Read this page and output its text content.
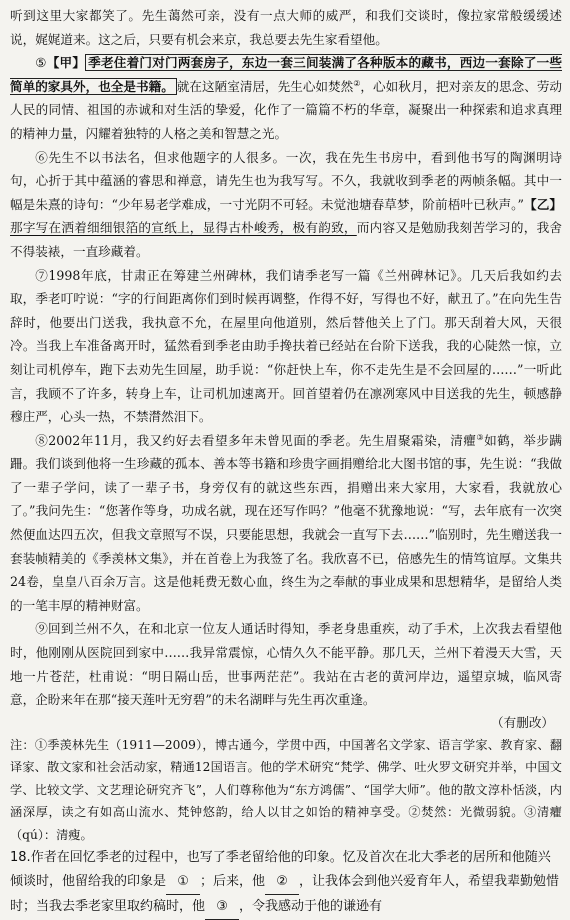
听到这里大家都笑了。先生蔼然可亲，没有一点大师的威严，和我们交谈时，像拉家常般缓缓述说，娓娓道来。这之后，只要有机会来京，我总要去先生家看望他。

⑤【甲】 季老住着门对门两套房子，东边一套三间装满了各种版本的藏书，西边一套除了一些简单的家具外，也全是书籍。 就在这陋室清居，先生心如焚然②，心如秋月，把对亲友的思念、劳动人民的同情、祖国的赤诚和对生活的挚爱，化作了一篇篇不朽的华章，凝聚出一种探索和追求真理的精神力量，闪耀着独特的人格之美和智慧之光。

⑥先生不以书法名，但求他题字的人很多。一次，我在先生书房中，看到他书写的陶渊明诗句，心折于其中蕴涵的睿思和禅意，请先生也为我写写。不久，我就收到季老的两帧条幅。其中一幅是朱熹的诗句：“少年易老学难成，一寸光阴不可轻。未觉池塘春草梦，阶前梧叶已秋声。”【乙】那字写在洒着细细银箔的宣纸上，显得古朴峻秀，极有韵致，而内容又是勉励我刻苦学习的，我舍不得装裱，一直珍藏着。

⑦1998年底，甘肃正在筹建兰州碑林，我们请季老写一篇《兰州碑林记》。几天后我如约去取，季老叮咛说：“字的行间距离你们到时候再调整，作得不好，写得也不好，献丑了。”在向先生告辞时，他要出门送我，我执意不允，在屋里向他道别，然后替他关上了门。那天刮着大风，天很冷。当我上车准备离开时，猛然看到季老由助手搀扶着已经站在台阶下送我，我的心陡然一惊，立刻让司机停车，跑下去劝先生回屋，助手说：“你赶快上车，你不走先生是不会回屋的……”一听此言，我顾不了许多，转身上车，让司机加速离开。回首望着仍在凛冽寒风中目送我的先生，顿感静穆庄严，心头一热，不禁潸然泪下。

⑧2002年11月，我又约好去看望多年未曾见面的季老。先生眉聚霜染，清癯③如鹤，举步蹒跚。我们谈到他将一生珍藏的孤本、善本等书籍和珍贵字画捐赠给北大图书馆的事，先生说：“我做了一辈子学问，读了一辈子书，身旁仅有的就这些东西，捐赠出来大家用，大家看，我就放心了。”我问先生：“您著作等身，功成名就，现在还写作吗？”他毫不犹豫地说：“写，去年底有一次突然便血达四五次，但我文章照写不误，只要能思想，我就会一直写下去……”临别时，先生赠送我一套装帧精美的《季羡林文集》，并在首卷上为我签了名。我欣喜不已，倍感先生的情笃谊厚。文集共24卷，皇皇八百余万言。这是他耗费无数心血，终生为之奉献的事业成果和思想精华，是留给人类的一笔丰厚的精神财富。

⑨回到兰州不久，在和北京一位友人通话时得知，季老身患重疾，动了手术，上次我去看望他时，他刚刚从医院回到家中……我异常震惊，心情久久不能平静。那几天，兰州下着漫天大雪，天地一片苍茫，杜甫说：“明日隔山岳，世事两茫茫”。我站在古老的黄河岸边，遥望京城，临风寄意，企盼来年在那“接天莲叶无穷碧”的未名湖畔与先生再次重逢。

（有删改）

注：①季羡林先生（1911—2009），博古通今，学贯中西，中国著名文学家、语言学家、教育家、翻译家、散文家和社会活动家，精通12国语言。他的学术研究“梵学、佛学、吐火罗文研究并举，中国文学、比较文学、文艺理论研究齐飞”，人们尊称他为“东方鸿儒”、“国学大师”。他的散文淳朴恬淡，内涵深厚，读之有如高山流水、梵钟悠韵，给人以甘之如饴的精神享受。②焚然：光微弱貌。③清癯（qú）：清瘦。

18.作者在回忆季老的过程中，也写了季老留给他的印象。忆及首次在北大季老的居所和他随兴倾谈时，他留给我的印象是 ① ；后来，他 ② ，让我体会到他兴爱育年人，希望我辈勤勉惜时；当我去季老家里取约稿时，他 ③ ，令我感动于他的谦逊有
